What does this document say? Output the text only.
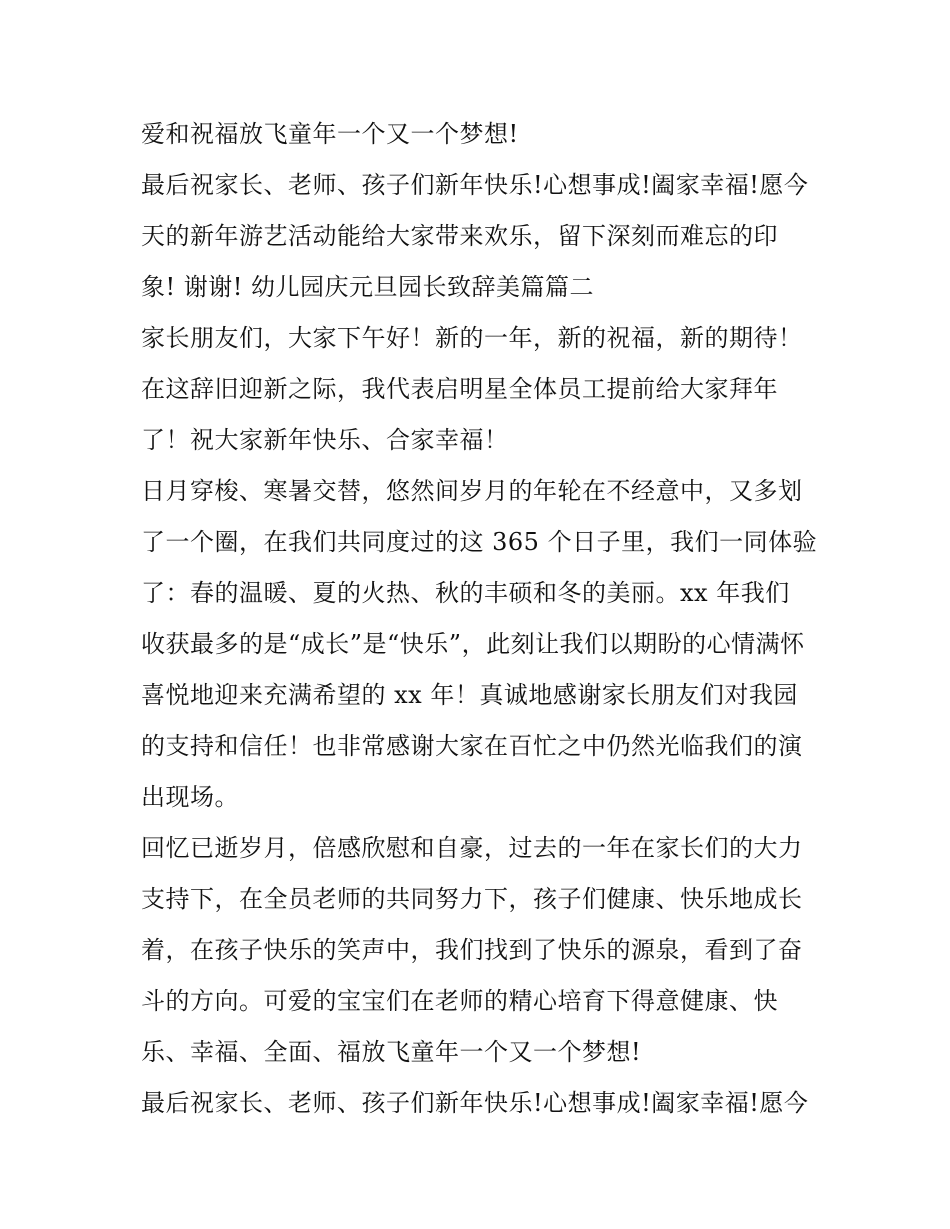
爱和祝福放飞童年一个又一个梦想!
最后祝家长、老师、孩子们新年快乐!心想事成!阖家幸福!愿今
天的新年游艺活动能给大家带来欢乐，留下深刻而难忘的印
象! 谢谢! 幼儿园庆元旦园长致辞美篇篇二
家长朋友们，大家下午好！新的一年，新的祝福，新的期待！
在这辞旧迎新之际，我代表启明星全体员工提前给大家拜年
了！祝大家新年快乐、合家幸福！
日月穿梭、寒暑交替，悠然间岁月的年轮在不经意中，又多划
了一个圈，在我们共同度过的这 365 个日子里，我们一同体验
了：春的温暖、夏的火热、秋的丰硕和冬的美丽。xx 年我们
收获最多的是“成长”是“快乐”，此刻让我们以期盼的心情满怀
喜悦地迎来充满希望的 xx 年！真诚地感谢家长朋友们对我园
的支持和信任！也非常感谢大家在百忙之中仍然光临我们的演
出现场。
回忆已逝岁月，倍感欣慰和自豪，过去的一年在家长们的大力
支持下，在全员老师的共同努力下，孩子们健康、快乐地成长
着，在孩子快乐的笑声中，我们找到了快乐的源泉，看到了奋
斗的方向。可爱的宝宝们在老师的精心培育下得意健康、快
乐、幸福、全面、福放飞童年一个又一个梦想!
最后祝家长、老师、孩子们新年快乐!心想事成!阖家幸福!愿今
